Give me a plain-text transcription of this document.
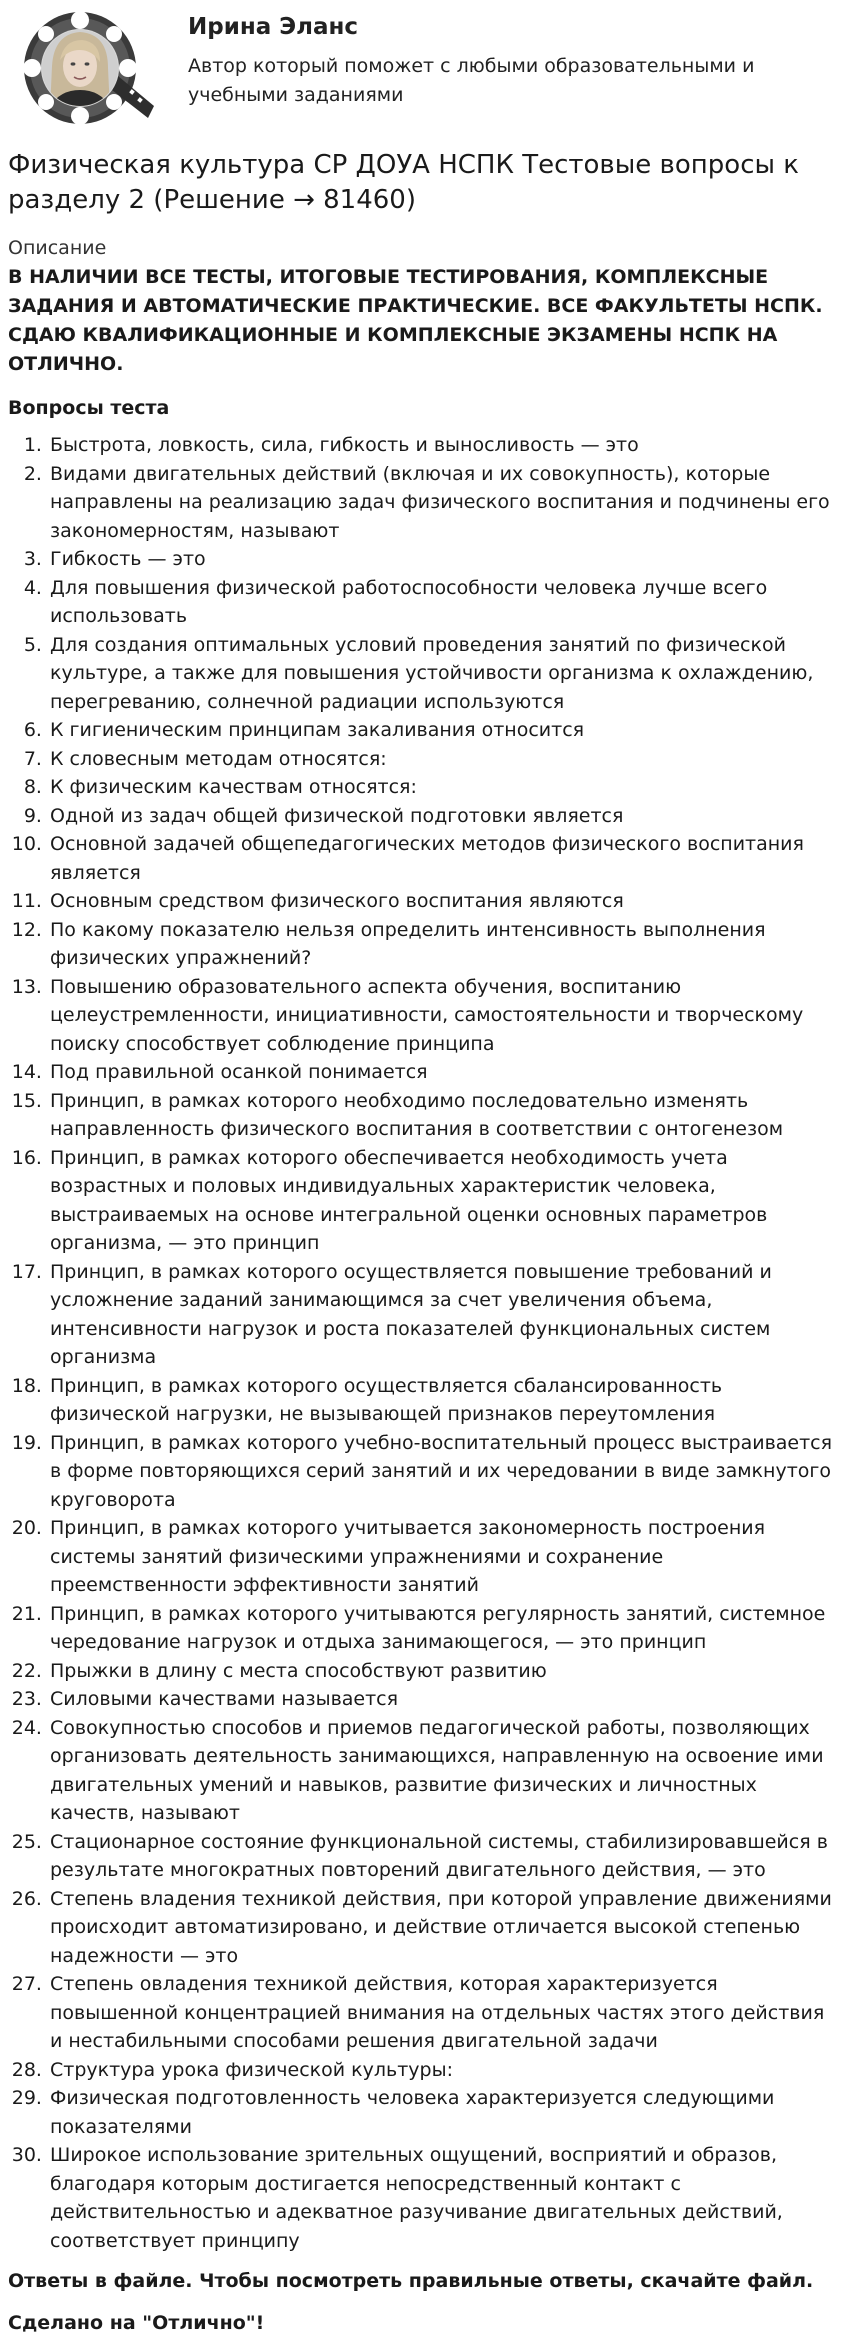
Ирина Эланс
Автор который поможет с любыми образовательными и учебными заданиями
Физическая культура СР ДОУА НСПК Тестовые вопросы к разделу 2 (Решение → 81460)
Описание
В НАЛИЧИИ ВСЕ ТЕСТЫ, ИТОГОВЫЕ ТЕСТИРОВАНИЯ, КОМПЛЕКСНЫЕ ЗАДАНИЯ И АВТОМАТИЧЕСКИЕ ПРАКТИЧЕСКИЕ. ВСЕ ФАКУЛЬТЕТЫ НСПК. СДАЮ КВАЛИФИКАЦИОННЫЕ И КОМПЛЕКСНЫЕ ЭКЗАМЕНЫ НСПК НА ОТЛИЧНО.
Вопросы теста
1. Быстрота, ловкость, сила, гибкость и выносливость — это
2. Видами двигательных действий (включая и их совокупность), которые направлены на реализацию задач физического воспитания и подчинены его закономерностям, называют
3. Гибкость — это
4. Для повышения физической работоспособности человека лучше всего использовать
5. Для создания оптимальных условий проведения занятий по физической культуре, а также для повышения устойчивости организма к охлаждению, перегреванию, солнечной радиации используются
6. К гигиеническим принципам закаливания относится
7. К словесным методам относятся:
8. К физическим качествам относятся:
9. Одной из задач общей физической подготовки является
10. Основной задачей общепедагогических методов физического воспитания является
11. Основным средством физического воспитания являются
12. По какому показателю нельзя определить интенсивность выполнения физических упражнений?
13. Повышению образовательного аспекта обучения, воспитанию целеустремленности, инициативности, самостоятельности и творческому поиску способствует соблюдение принципа
14. Под правильной осанкой понимается
15. Принцип, в рамках которого необходимо последовательно изменять направленность физического воспитания в соответствии с онтогенезом
16. Принцип, в рамках которого обеспечивается необходимость учета возрастных и половых индивидуальных характеристик человека, выстраиваемых на основе интегральной оценки основных параметров организма, — это принцип
17. Принцип, в рамках которого осуществляется повышение требований и усложнение заданий занимающимся за счет увеличения объема, интенсивности нагрузок и роста показателей функциональных систем организма
18. Принцип, в рамках которого осуществляется сбалансированность физической нагрузки, не вызывающей признаков переутомления
19. Принцип, в рамках которого учебно-воспитательный процесс выстраивается в форме повторяющихся серий занятий и их чередовании в виде замкнутого круговорота
20. Принцип, в рамках которого учитывается закономерность построения системы занятий физическими упражнениями и сохранение преемственности эффективности занятий
21. Принцип, в рамках которого учитываются регулярность занятий, системное чередование нагрузок и отдыха занимающегося, — это принцип
22. Прыжки в длину с места способствуют развитию
23. Силовыми качествами называется
24. Совокупностью способов и приемов педагогической работы, позволяющих организовать деятельность занимающихся, направленную на освоение ими двигательных умений и навыков, развитие физических и личностных качеств, называют
25. Стационарное состояние функциональной системы, стабилизировавшейся в результате многократных повторений двигательного действия, — это
26. Степень владения техникой действия, при которой управление движениями происходит автоматизировано, и действие отличается высокой степенью надежности — это
27. Степень овладения техникой действия, которая характеризуется повышенной концентрацией внимания на отдельных частях этого действия и нестабильными способами решения двигательной задачи
28. Структура урока физической культуры:
29. Физическая подготовленность человека характеризуется следующими показателями
30. Широкое использование зрительных ощущений, восприятий и образов, благодаря которым достигается непосредственный контакт с действительностью и адекватное разучивание двигательных действий, соответствует принципу
Ответы в файле. Чтобы посмотреть правильные ответы, скачайте файл.
Сделано на "Отлично"!
